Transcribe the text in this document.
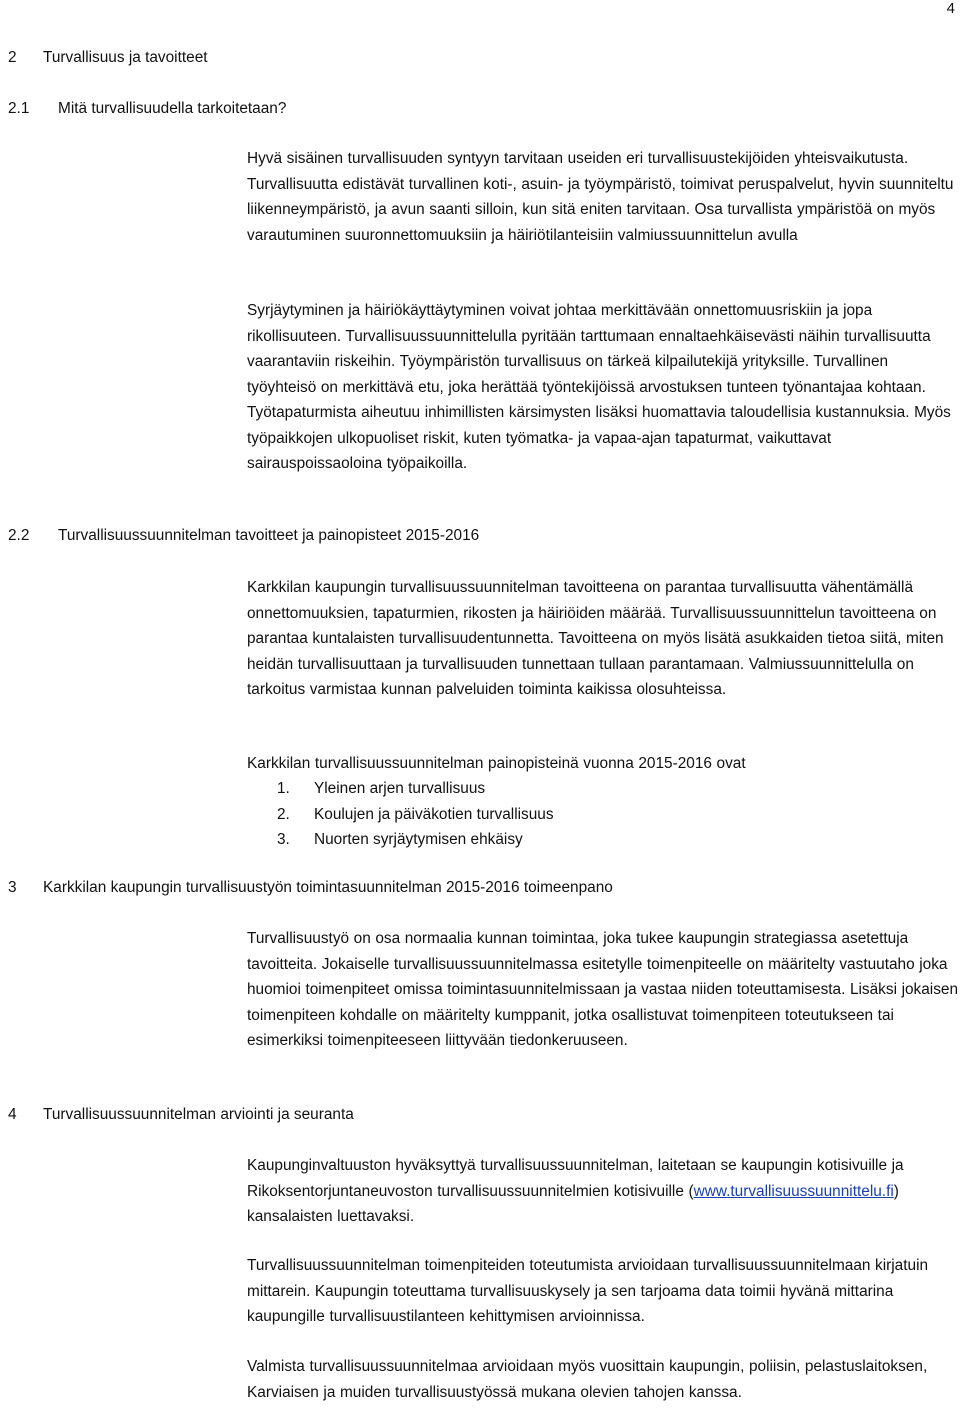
4
2 Turvallisuus ja tavoitteet
2.1 Mitä turvallisuudella tarkoitetaan?

Hyvä sisäinen turvallisuuden syntyyn tarvitaan useiden eri turvallisuustekijöiden yhteisvaikutusta. Turvallisuutta edistävät turvallinen koti-, asuin- ja työympäristö, toimivat peruspalvelut, hyvin suunniteltu liikenneympäristö, ja avun saanti silloin, kun sitä eniten tarvitaan. Osa turvallista ympäristöä on myös varautuminen suuronnettomuuksiin ja häiriötilanteisiin valmiussuunnittelun avulla

Syrjäytyminen ja häiriökäyttäytyminen voivat johtaa merkittävään onnettomuusriskiin ja jopa rikollisuuteen. Turvallisuussuunnittelulla pyritään tarttumaan ennaltaehkäisevästi näihin turvallisuutta vaarantaviin riskeihin. Työympäristön turvallisuus on tärkeä kilpailutekijä yrityksille. Turvallinen työyhteisö on merkittävä etu, joka herättää työntekijöissä arvostuksen tunteen työnantajaa kohtaan. Työtapaturmista aiheutuu inhimillisten kärsimysten lisäksi huomattavia taloudellisia kustannuksia. Myös työpaikkojen ulkopuoliset riskit, kuten työmatka- ja vapaa-ajan tapaturmat, vaikuttavat sairauspoissaoloina työpaikoilla.

2.2 Turvallisuussuunnitelman tavoitteet ja painopisteet 2015-2016

Karkkilan kaupungin turvallisuussuunnitelman tavoitteena on parantaa turvallisuutta vähentämällä onnettomuuksien, tapaturmien, rikosten ja häiriöiden määrää. Turvallisuussuunnittelun tavoitteena on parantaa kuntalaisten turvallisuudentunnetta. Tavoitteena on myös lisätä asukkaiden tietoa siitä, miten heidän turvallisuuttaan ja turvallisuuden tunnettaan tullaan parantamaan. Valmiussuunnittelulla on tarkoitus varmistaa kunnan palveluiden toiminta kaikissa olosuhteissa.

Karkkilan turvallisuussuunnitelman painopisteinä vuonna 2015-2016 ovat

1. Yleinen arjen turvallisuus
2. Koulujen ja päiväkotien turvallisuus
3. Nuorten syrjäytymisen ehkäisy
3 Karkkilan kaupungin turvallisuustyön toimintasuunnitelman 2015-2016 toimeenpano

Turvallisuustyö on osa normaalia kunnan toimintaa, joka tukee kaupungin strategiassa asetettuja tavoitteita. Jokaiselle turvallisuussuunnitelmassa esitetylle toimenpiteelle on määritelty vastuutaho joka huomioi toimenpiteet omissa toimintasuunnitelmissaan ja vastaa niiden toteuttamisesta. Lisäksi jokaisen toimenpiteen kohdalle on määritelty kumppanit, jotka osallistuvat toimenpiteen toteutukseen tai esimerkiksi toimenpiteeseen liittyvään tiedonkeruuseen.

4 Turvallisuussuunnitelman arviointi ja seuranta

Kaupunginvaltuuston hyväksyttyä turvallisuussuunnitelman, laitetaan se kaupungin kotisivuille ja Rikoksentorjuntaneuvoston turvallisuussuunnitelmien kotisivuille (www.turvallisuussuunnittelu.fi) kansalaisten luettavaksi.

Turvallisuussuunnitelman toimenpiteiden toteutumista arvioidaan turvallisuussuunnitelmaan kirjatuin mittarein. Kaupungin toteuttama turvallisuuskysely ja sen tarjoama data toimii hyvänä mittarina kaupungille turvallisuustilanteen kehittymisen arvioinnissa.

Valmista turvallisuussuunnitelmaa arvioidaan myös vuosittain kaupungin, poliisin, pelastuslaitoksen, Karviaisen ja muiden turvallisuustyössä mukana olevien tahojen kanssa.
